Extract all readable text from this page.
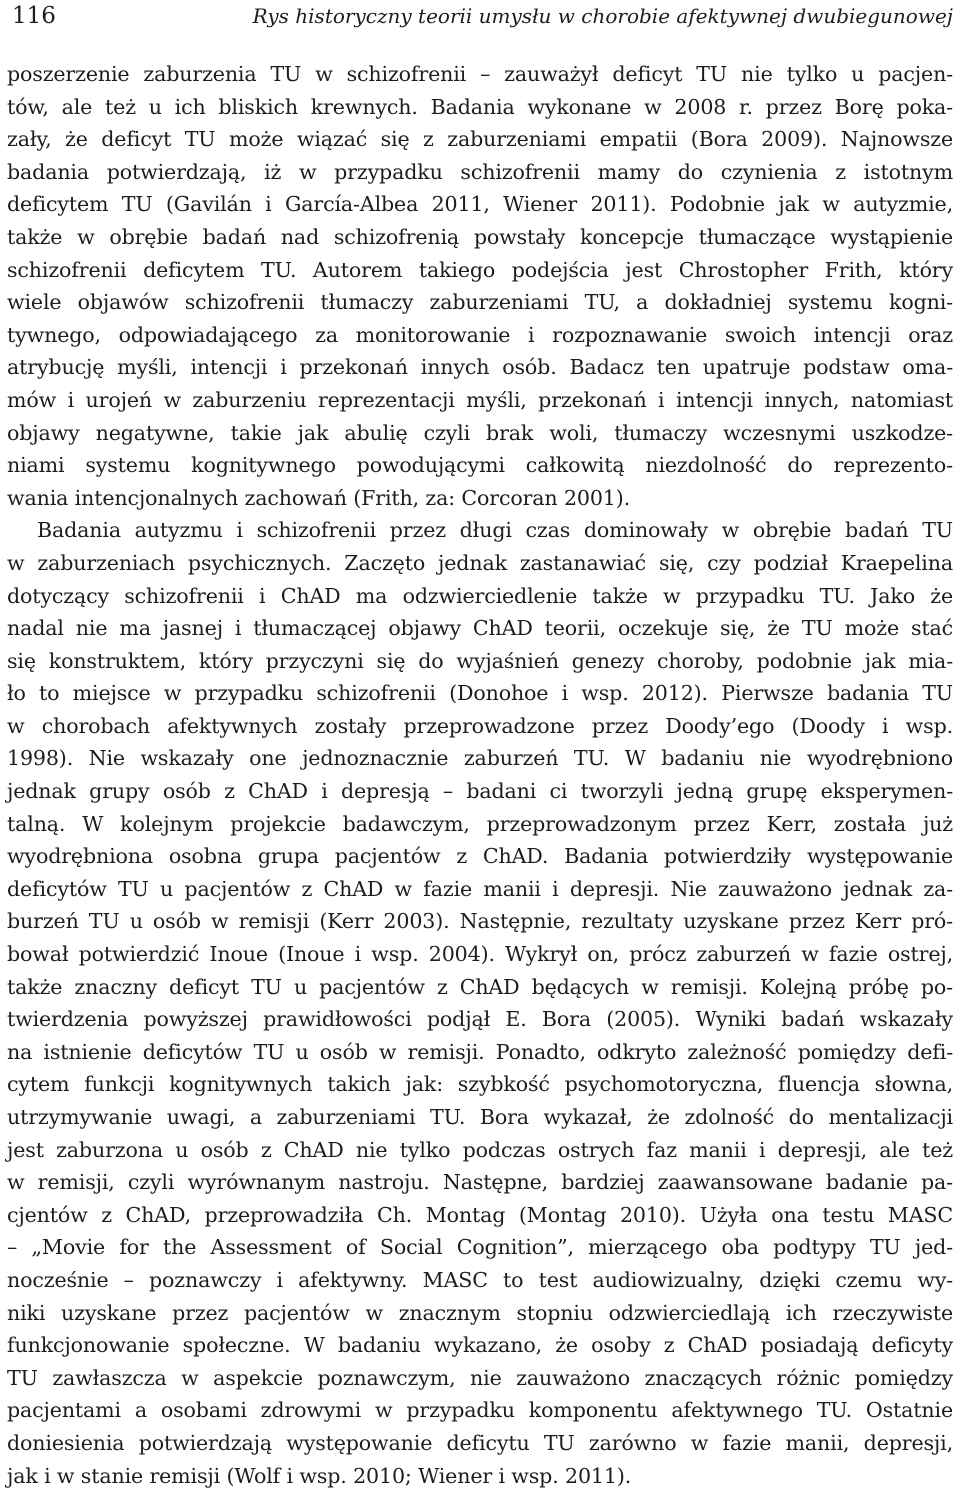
116	Rys historyczny teorii umysłu w chorobie afektywnej dwubiegunowej

poszerzenie zaburzenia TU w schizofrenii – zauważył deficyt TU nie tylko u pacjen-

tów, ale też u ich bliskich krewnych. Badania wykonane w 2008 r. przez Borę poka-

zały, że deficyt TU może wiązać się z zaburzeniami empatii (Bora 2009). Najnowsze

badania potwierdzają, iż w przypadku schizofrenii mamy do czynienia z istotnym

deficytem TU (Gavilán i García-Albea 2011, Wiener 2011). Podobnie jak w autyzmie,

także w obrębie badań nad schizofrenią powstały koncepcje tłumaczące wystąpienie

schizofrenii deficytem TU. Autorem takiego podejścia jest Chrostopher Frith, który

wiele objawów schizofrenii tłumaczy zaburzeniami TU, a dokładniej systemu kogni-

tywnego, odpowiadającego za monitorowanie i rozpoznawanie swoich intencji oraz

atrybucję myśli, intencji i przekonań innych osób. Badacz ten upatruje podstaw oma-

mów i urojeń w zaburzeniu reprezentacji myśli, przekonań i intencji innych, natomiast

objawy negatywne, takie jak abulię czyli brak woli, tłumaczy wczesnymi uszkodze-

niami systemu kognitywnego powodującymi całkowitą niezdolność do reprezento-

wania intencjonalnych zachowań (Frith, za: Corcoran 2001).

Badania autyzmu i schizofrenii przez długi czas dominowały w obrębie badań TU

w zaburzeniach psychicznych. Zaczęto jednak zastanawiać się, czy podział Kraepelina

dotyczący schizofrenii i ChAD ma odzwierciedlenie także w przypadku TU. Jako że

nadal nie ma jasnej i tłumaczącej objawy ChAD teorii, oczekuje się, że TU może stać

się konstruktem, który przyczyni się do wyjaśnień genezy choroby, podobnie jak mia-

ło to miejsce w przypadku schizofrenii (Donohoe i wsp. 2012). Pierwsze badania TU

w chorobach afektywnych zostały przeprowadzone przez Doody’ego (Doody i wsp.

1998). Nie wskazały one jednoznacznie zaburzeń TU. W badaniu nie wyodrębniono

jednak grupy osób z ChAD i depresją – badani ci tworzyli jedną grupę eksperymen-

talną. W kolejnym projekcie badawczym, przeprowadzonym przez Kerr, została już

wyodrębniona osobna grupa pacjentów z ChAD. Badania potwierdziły występowanie

deficytów TU u pacjentów z ChAD w fazie manii i depresji. Nie zauważono jednak za-

burzeń TU u osób w remisji (Kerr 2003). Następnie, rezultaty uzyskane przez Kerr pró-

bował potwierdzić Inoue (Inoue i wsp. 2004). Wykrył on, prócz zaburzeń w fazie ostrej,

także znaczny deficyt TU u pacjentów z ChAD będących w remisji. Kolejną próbę po-

twierdzenia powyższej prawidłowości podjął E. Bora (2005). Wyniki badań wskazały

na istnienie deficytów TU u osób w remisji. Ponadto, odkryto zależność pomiędzy defi-

cytem funkcji kognitywnych takich jak: szybkość psychomotoryczna, fluencja słowna,

utrzymywanie uwagi, a zaburzeniami TU. Bora wykazał, że zdolność do mentalizacji

jest zaburzona u osób z ChAD nie tylko podczas ostrych faz manii i depresji, ale też

w remisji, czyli wyrównanym nastroju. Następne, bardziej zaawansowane badanie pa-

cjentów z ChAD, przeprowadziła Ch. Montag (Montag 2010). Użyła ona testu MASC

– „Movie for the Assessment of Social Cognition”, mierzącego oba podtypy TU jed-

nocześnie – poznawczy i afektywny. MASC to test audiowizualny, dzięki czemu wy-

niki uzyskane przez pacjentów w znacznym stopniu odzwierciedlają ich rzeczywiste

funkcjonowanie społeczne. W badaniu wykazano, że osoby z ChAD posiadają deficyty

TU zawłaszcza w aspekcie poznawczym, nie zauważono znaczących różnic pomiędzy

pacjentami a osobami zdrowymi w przypadku komponentu afektywnego TU. Ostatnie

doniesienia potwierdzają występowanie deficytu TU zarówno w fazie manii, depresji,

jak i w stanie remisji (Wolf i wsp. 2010; Wiener i wsp. 2011).
